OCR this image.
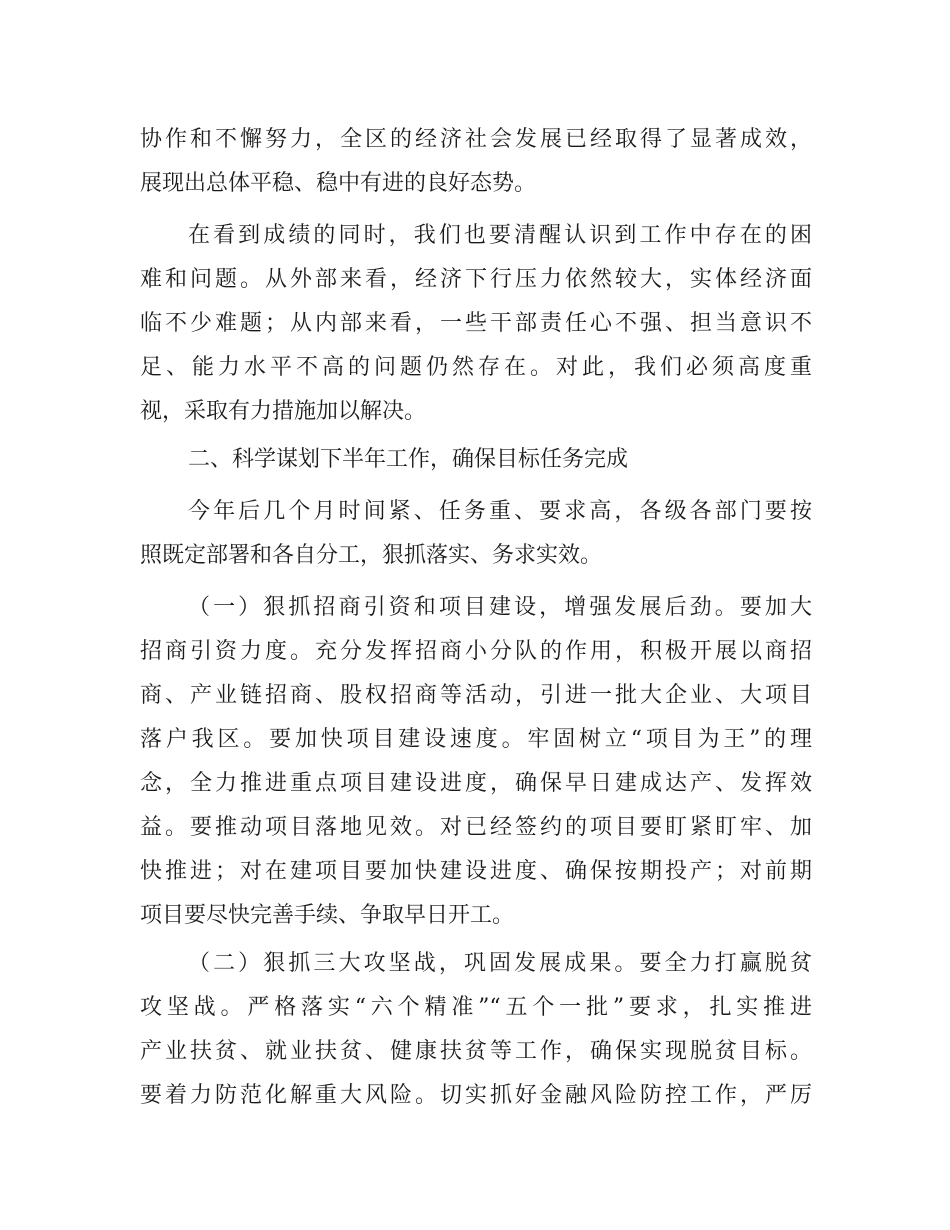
协作和不懈努力，全区的经济社会发展已经取得了显著成效，
展现出总体平稳、稳中有进的良好态势。
在看到成绩的同时，我们也要清醒认识到工作中存在的困
难和问题。从外部来看，经济下行压力依然较大，实体经济面
临不少难题；从内部来看，一些干部责任心不强、担当意识不
足、能力水平不高的问题仍然存在。对此，我们必须高度重
视，采取有力措施加以解决。
二、科学谋划下半年工作，确保目标任务完成
今年后几个月时间紧、任务重、要求高，各级各部门要按
照既定部署和各自分工，狠抓落实、务求实效。
（一）狠抓招商引资和项目建设，增强发展后劲。要加大
招商引资力度。充分发挥招商小分队的作用，积极开展以商招
商、产业链招商、股权招商等活动，引进一批大企业、大项目
落户我区。要加快项目建设速度。牢固树立“项目为王”的理
念，全力推进重点项目建设进度，确保早日建成达产、发挥效
益。要推动项目落地见效。对已经签约的项目要盯紧盯牢、加
快推进；对在建项目要加快建设进度、确保按期投产；对前期
项目要尽快完善手续、争取早日开工。
（二）狠抓三大攻坚战，巩固发展成果。要全力打赢脱贫
攻坚战。严格落实“六个精准”“五个一批”要求，扎实推进
产业扶贫、就业扶贫、健康扶贫等工作，确保实现脱贫目标。
要着力防范化解重大风险。切实抓好金融风险防控工作，严厉
